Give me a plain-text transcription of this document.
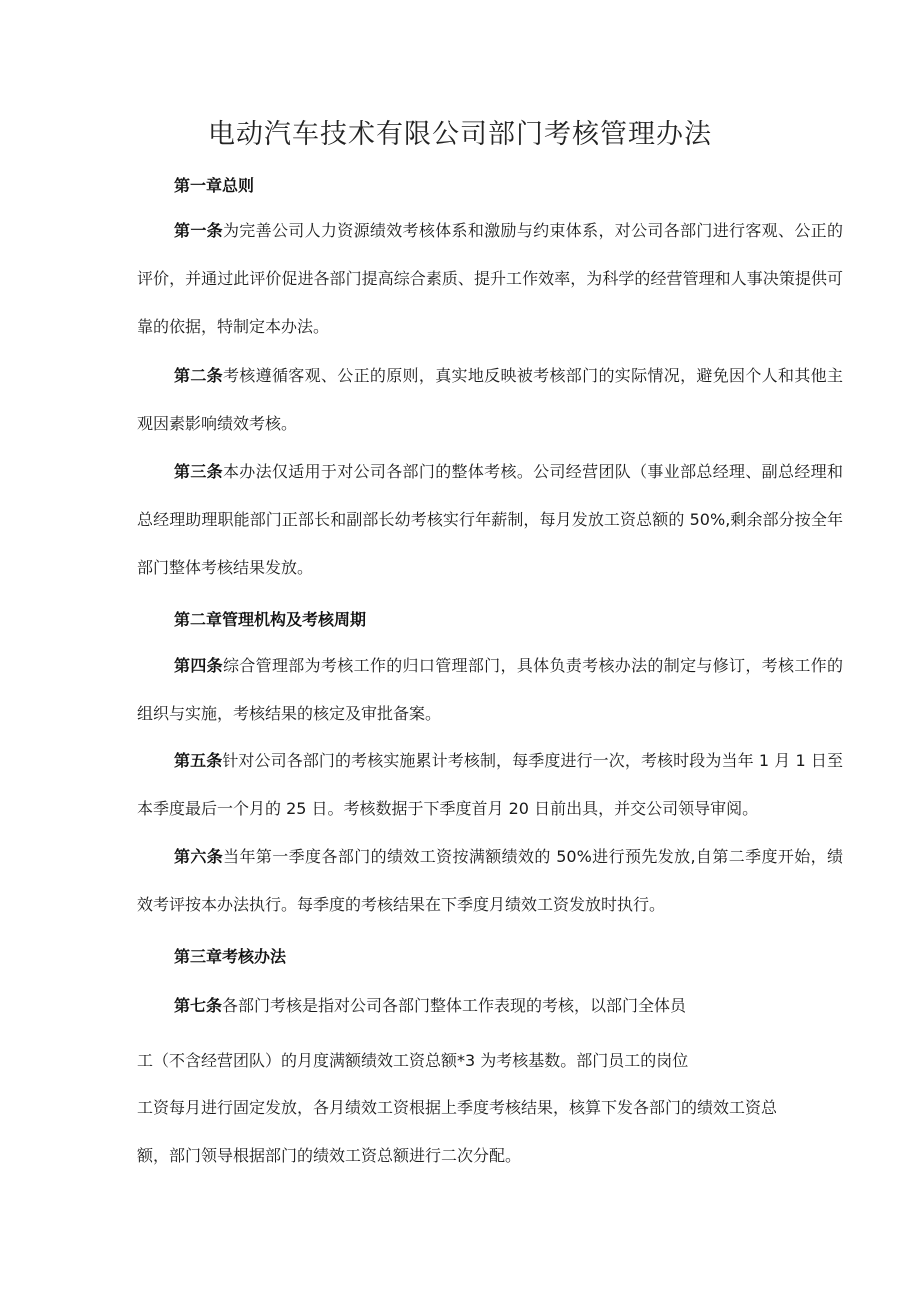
电动汽车技术有限公司部门考核管理办法
第一章总则
第一条为完善公司人力资源绩效考核体系和激励与约束体系，对公司各部门进行客观、公正的评价，并通过此评价促进各部门提高综合素质、提升工作效率，为科学的经营管理和人事决策提供可靠的依据，特制定本办法。
第二条考核遵循客观、公正的原则，真实地反映被考核部门的实际情况，避免因个人和其他主观因素影响绩效考核。
第三条本办法仅适用于对公司各部门的整体考核。公司经营团队（事业部总经理、副总经理和总经理助理职能部门正部长和副部长幼考核实行年薪制，每月发放工资总额的 50%,剩余部分按全年部门整体考核结果发放。
第二章管理机构及考核周期
第四条综合管理部为考核工作的归口管理部门，具体负责考核办法的制定与修订，考核工作的组织与实施，考核结果的核定及审批备案。
第五条针对公司各部门的考核实施累计考核制，每季度进行一次，考核时段为当年 1 月 1 日至本季度最后一个月的 25 日。考核数据于下季度首月 20 日前出具，并交公司领导审阅。
第六条当年第一季度各部门的绩效工资按满额绩效的 50%进行预先发放,自第二季度开始，绩效考评按本办法执行。每季度的考核结果在下季度月绩效工资发放时执行。
第三章考核办法
第七条各部门考核是指对公司各部门整体工作表现的考核，以部门全体员
工（不含经营团队）的月度满额绩效工资总额*3 为考核基数。部门员工的岗位
工资每月进行固定发放，各月绩效工资根据上季度考核结果，核算下发各部门的绩效工资总
额，部门领导根据部门的绩效工资总额进行二次分配。
